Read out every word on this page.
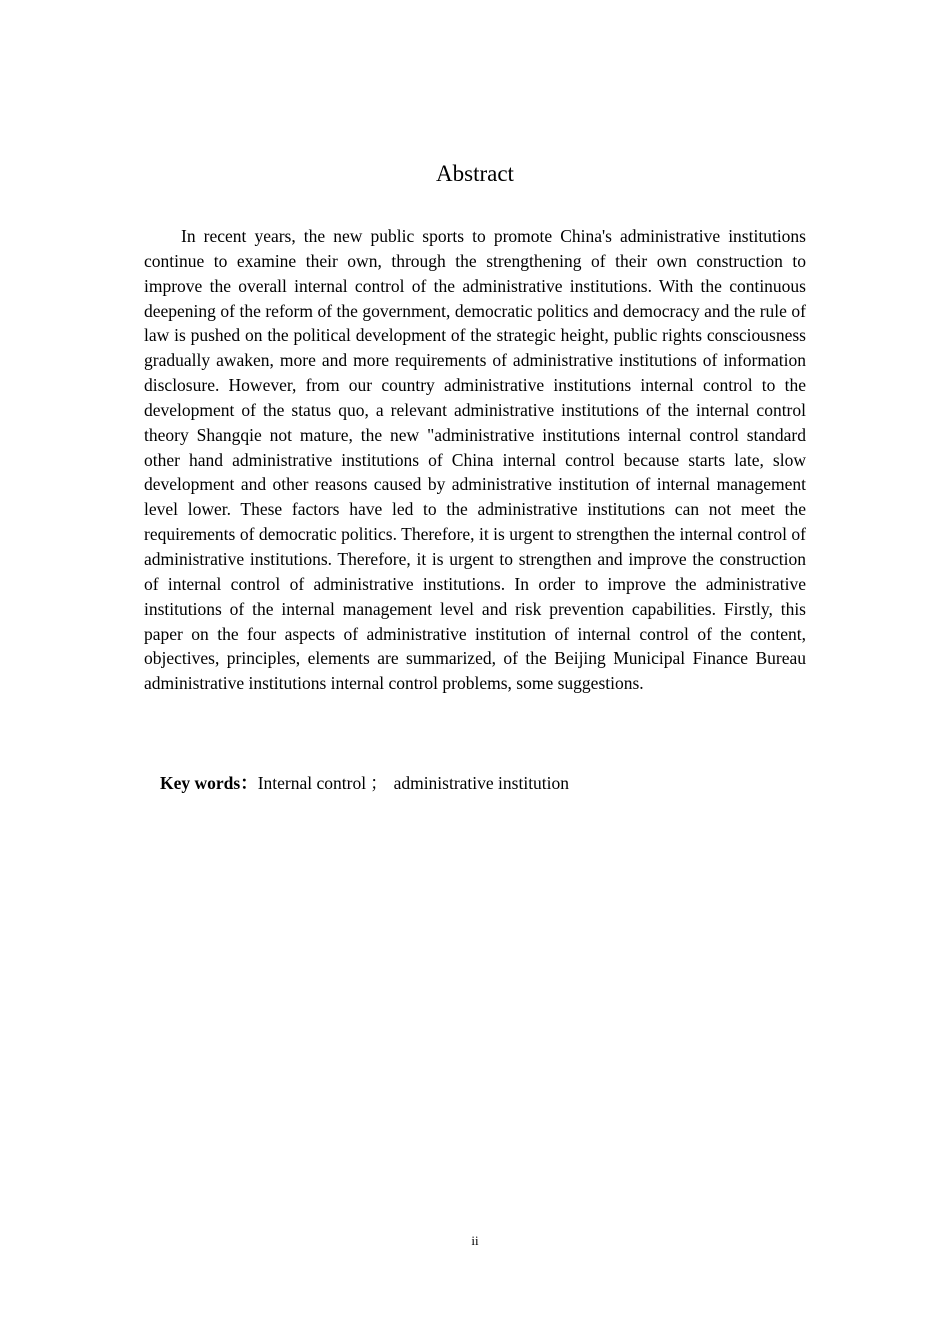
Abstract

In recent years, the new public sports to promote China's administrative institutions continue to examine their own, through the strengthening of their own construction to improve the overall internal control of the administrative institutions. With the continuous deepening of the reform of the government, democratic politics and democracy and the rule of law is pushed on the political development of the strategic height, public rights consciousness gradually awaken, more and more requirements of administrative institutions of information disclosure. However, from our country administrative institutions internal control to the development of the status quo, a relevant administrative institutions of the internal control theory Shangqie not mature, the new "administrative institutions internal control standard other hand administrative institutions of China internal control because starts late, slow development and other reasons caused by administrative institution of internal management level lower. These factors have led to the administrative institutions can not meet the requirements of democratic politics. Therefore, it is urgent to strengthen the internal control of administrative institutions. Therefore, it is urgent to strengthen and improve the construction of internal control of administrative institutions. In order to improve the administrative institutions of the internal management level and risk prevention capabilities. Firstly, this paper on the four aspects of administrative institution of internal control of the content, objectives, principles, elements are summarized, of the Beijing Municipal Finance Bureau administrative institutions internal control problems, some suggestions.

Key words：Internal control ； administrative institution
ii
